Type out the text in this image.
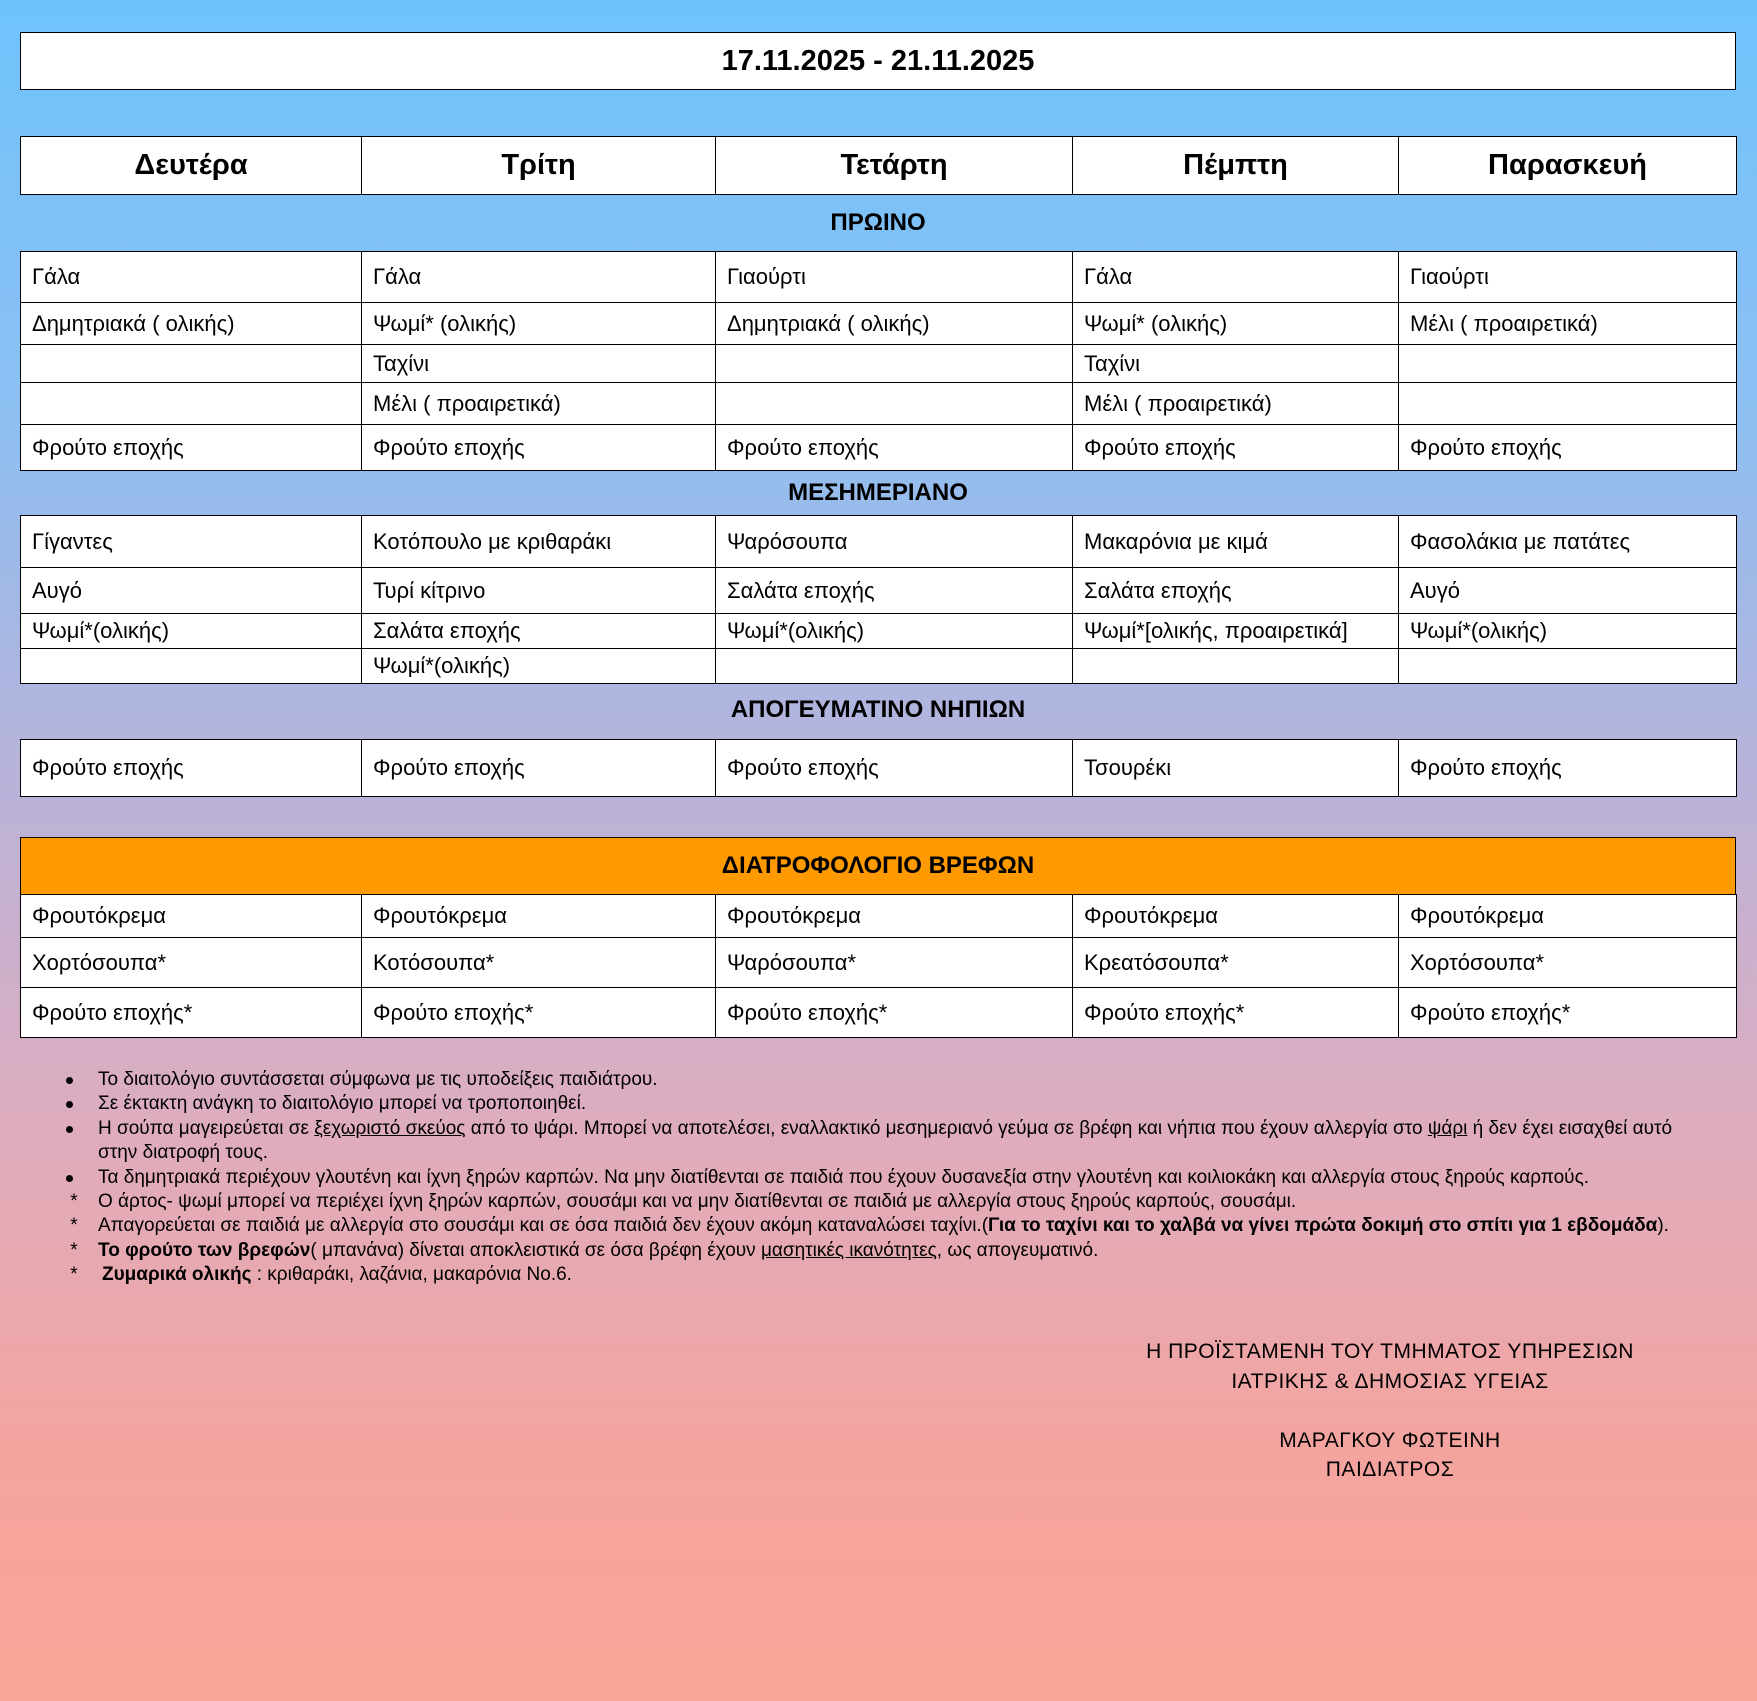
17.11.2025 - 21.11.2025
Δευτέρα	Τρίτη	Τετάρτη	Πέμπτη	Παρασκευή
ΠΡΩΙΝΟ
Γάλα	Γάλα	Γιαούρτι	Γάλα	Γιαούρτι
Δημητριακά ( ολικής)	Ψωμί* (ολικής)	Δημητριακά ( ολικής)	Ψωμί* (ολικής)	Μέλι ( προαιρετικά)
	Ταχίνι		Ταχίνι	
	Μέλι ( προαιρετικά)		Μέλι ( προαιρετικά)	
Φρούτο εποχής	Φρούτο εποχής	Φρούτο εποχής	Φρούτο εποχής	Φρούτο εποχής
ΜΕΣΗΜΕΡΙΑΝΟ
Γίγαντες	Κοτόπουλο με κριθαράκι	Ψαρόσουπα	Μακαρόνια με κιμά	Φασολάκια με πατάτες
Αυγό	Τυρί κίτρινο	Σαλάτα εποχής	Σαλάτα εποχής	Αυγό
Ψωμί*(ολικής)	Σαλάτα εποχής	Ψωμί*(ολικής)	Ψωμί*[ολικής, προαιρετικά]	Ψωμί*(ολικής)
	Ψωμί*(ολικής)			
ΑΠΟΓΕΥΜΑΤΙΝΟ ΝΗΠΙΩΝ
Φρούτο εποχής	Φρούτο εποχής	Φρούτο εποχής	Τσουρέκι	Φρούτο εποχής
ΔΙΑΤΡΟΦΟΛΟΓΙΟ ΒΡΕΦΩΝ
Φρουτόκρεμα	Φρουτόκρεμα	Φρουτόκρεμα	Φρουτόκρεμα	Φρουτόκρεμα
Χορτόσουπα*	Κοτόσουπα*	Ψαρόσουπα*	Κρεατόσουπα*	Χορτόσουπα*
Φρούτο εποχής*	Φρούτο εποχής*	Φρούτο εποχής*	Φρούτο εποχής*	Φρούτο εποχής*
Το διαιτολόγιο συντάσσεται σύμφωνα με τις υποδείξεις παιδιάτρου.
Σε έκτακτη ανάγκη το διαιτολόγιο μπορεί να τροποποιηθεί.
Η σούπα μαγειρεύεται σε ξεχωριστό σκεύος από το ψάρι. Μπορεί να αποτελέσει, εναλλακτικό μεσημεριανό γεύμα σε βρέφη και νήπια που έχουν αλλεργία στο ψάρι ή δεν έχει εισαχθεί αυτό στην διατροφή τους.
Τα δημητριακά περιέχουν γλουτένη και ίχνη ξηρών καρπών. Να μην διατίθενται σε παιδιά που έχουν δυσανεξία στην γλουτένη και κοιλιοκάκη και αλλεργία στους ξηρούς καρπούς.
*	Ο άρτος- ψωμί μπορεί να περιέχει ίχνη ξηρών καρπών, σουσάμι και να μην διατίθενται σε παιδιά με αλλεργία στους ξηρούς καρπούς, σουσάμι.
*	Απαγορεύεται σε παιδιά με αλλεργία στο σουσάμι και σε όσα παιδιά δεν έχουν ακόμη καταναλώσει ταχίνι.(Για το ταχίνι και το χαλβά να γίνει πρώτα δοκιμή στο σπίτι για 1 εβδομάδα).
*	Το φρούτο των βρεφών( μπανάνα) δίνεται αποκλειστικά σε όσα βρέφη έχουν μασητικές ικανότητες, ως απογευματινό.
*	Ζυμαρικά ολικής : κριθαράκι, λαζάνια, μακαρόνια Νο.6.
Η ΠΡΟΪΣΤΑΜΕΝΗ ΤΟΥ ΤΜΗΜΑΤΟΣ ΥΠΗΡΕΣΙΩΝ
ΙΑΤΡΙΚΗΣ & ΔΗΜΟΣΙΑΣ ΥΓΕΙΑΣ
ΜΑΡΑΓΚΟΥ ΦΩΤΕΙΝΗ
ΠΑΙΔΙΑΤΡΟΣ
